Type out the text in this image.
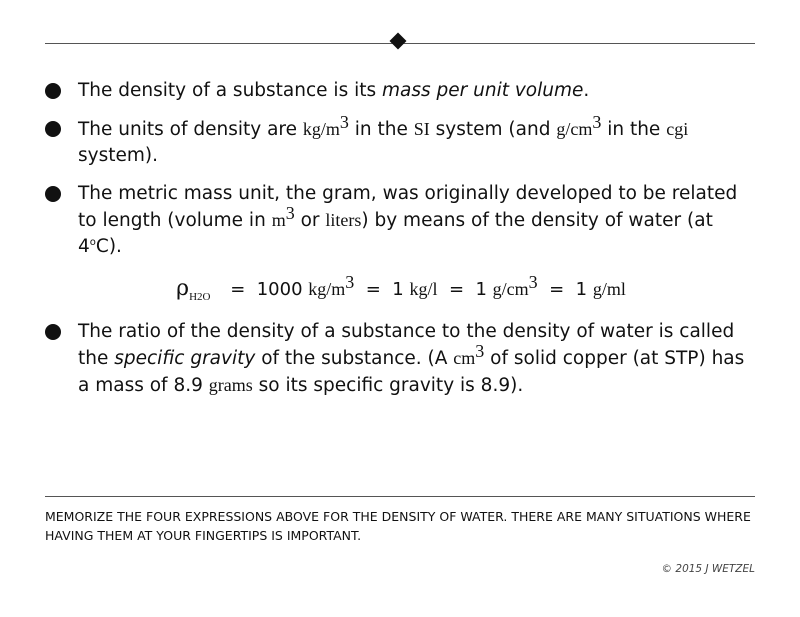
The density of a substance is its mass per unit volume.
The units of density are $kg/m^3$ in the SI system (and $g/cm^3$ in the cgi system).
The metric mass unit, the gram, was originally developed to be related to length (volume in $m^3$ or liters) by means of the density of water (at 4$^o$C).
$\rho_{H2O} = 1000$ $kg/m^3 = 1$ kg/l = 1 $g/cm^3 = 1$ g/ml
The ratio of the density of a substance to the density of water is called the specific gravity of the substance. (A $cm^3$ of solid copper (at STP) has a mass of 8.9 grams so its specific gravity is 8.9).
MEMORIZE THE FOUR EXPRESSIONS ABOVE FOR THE DENSITY OF WATER. THERE ARE MANY SITUATIONS WHERE HAVING THEM AT YOUR FINGERTIPS IS IMPORTANT.
© 2015 J WETZEL
